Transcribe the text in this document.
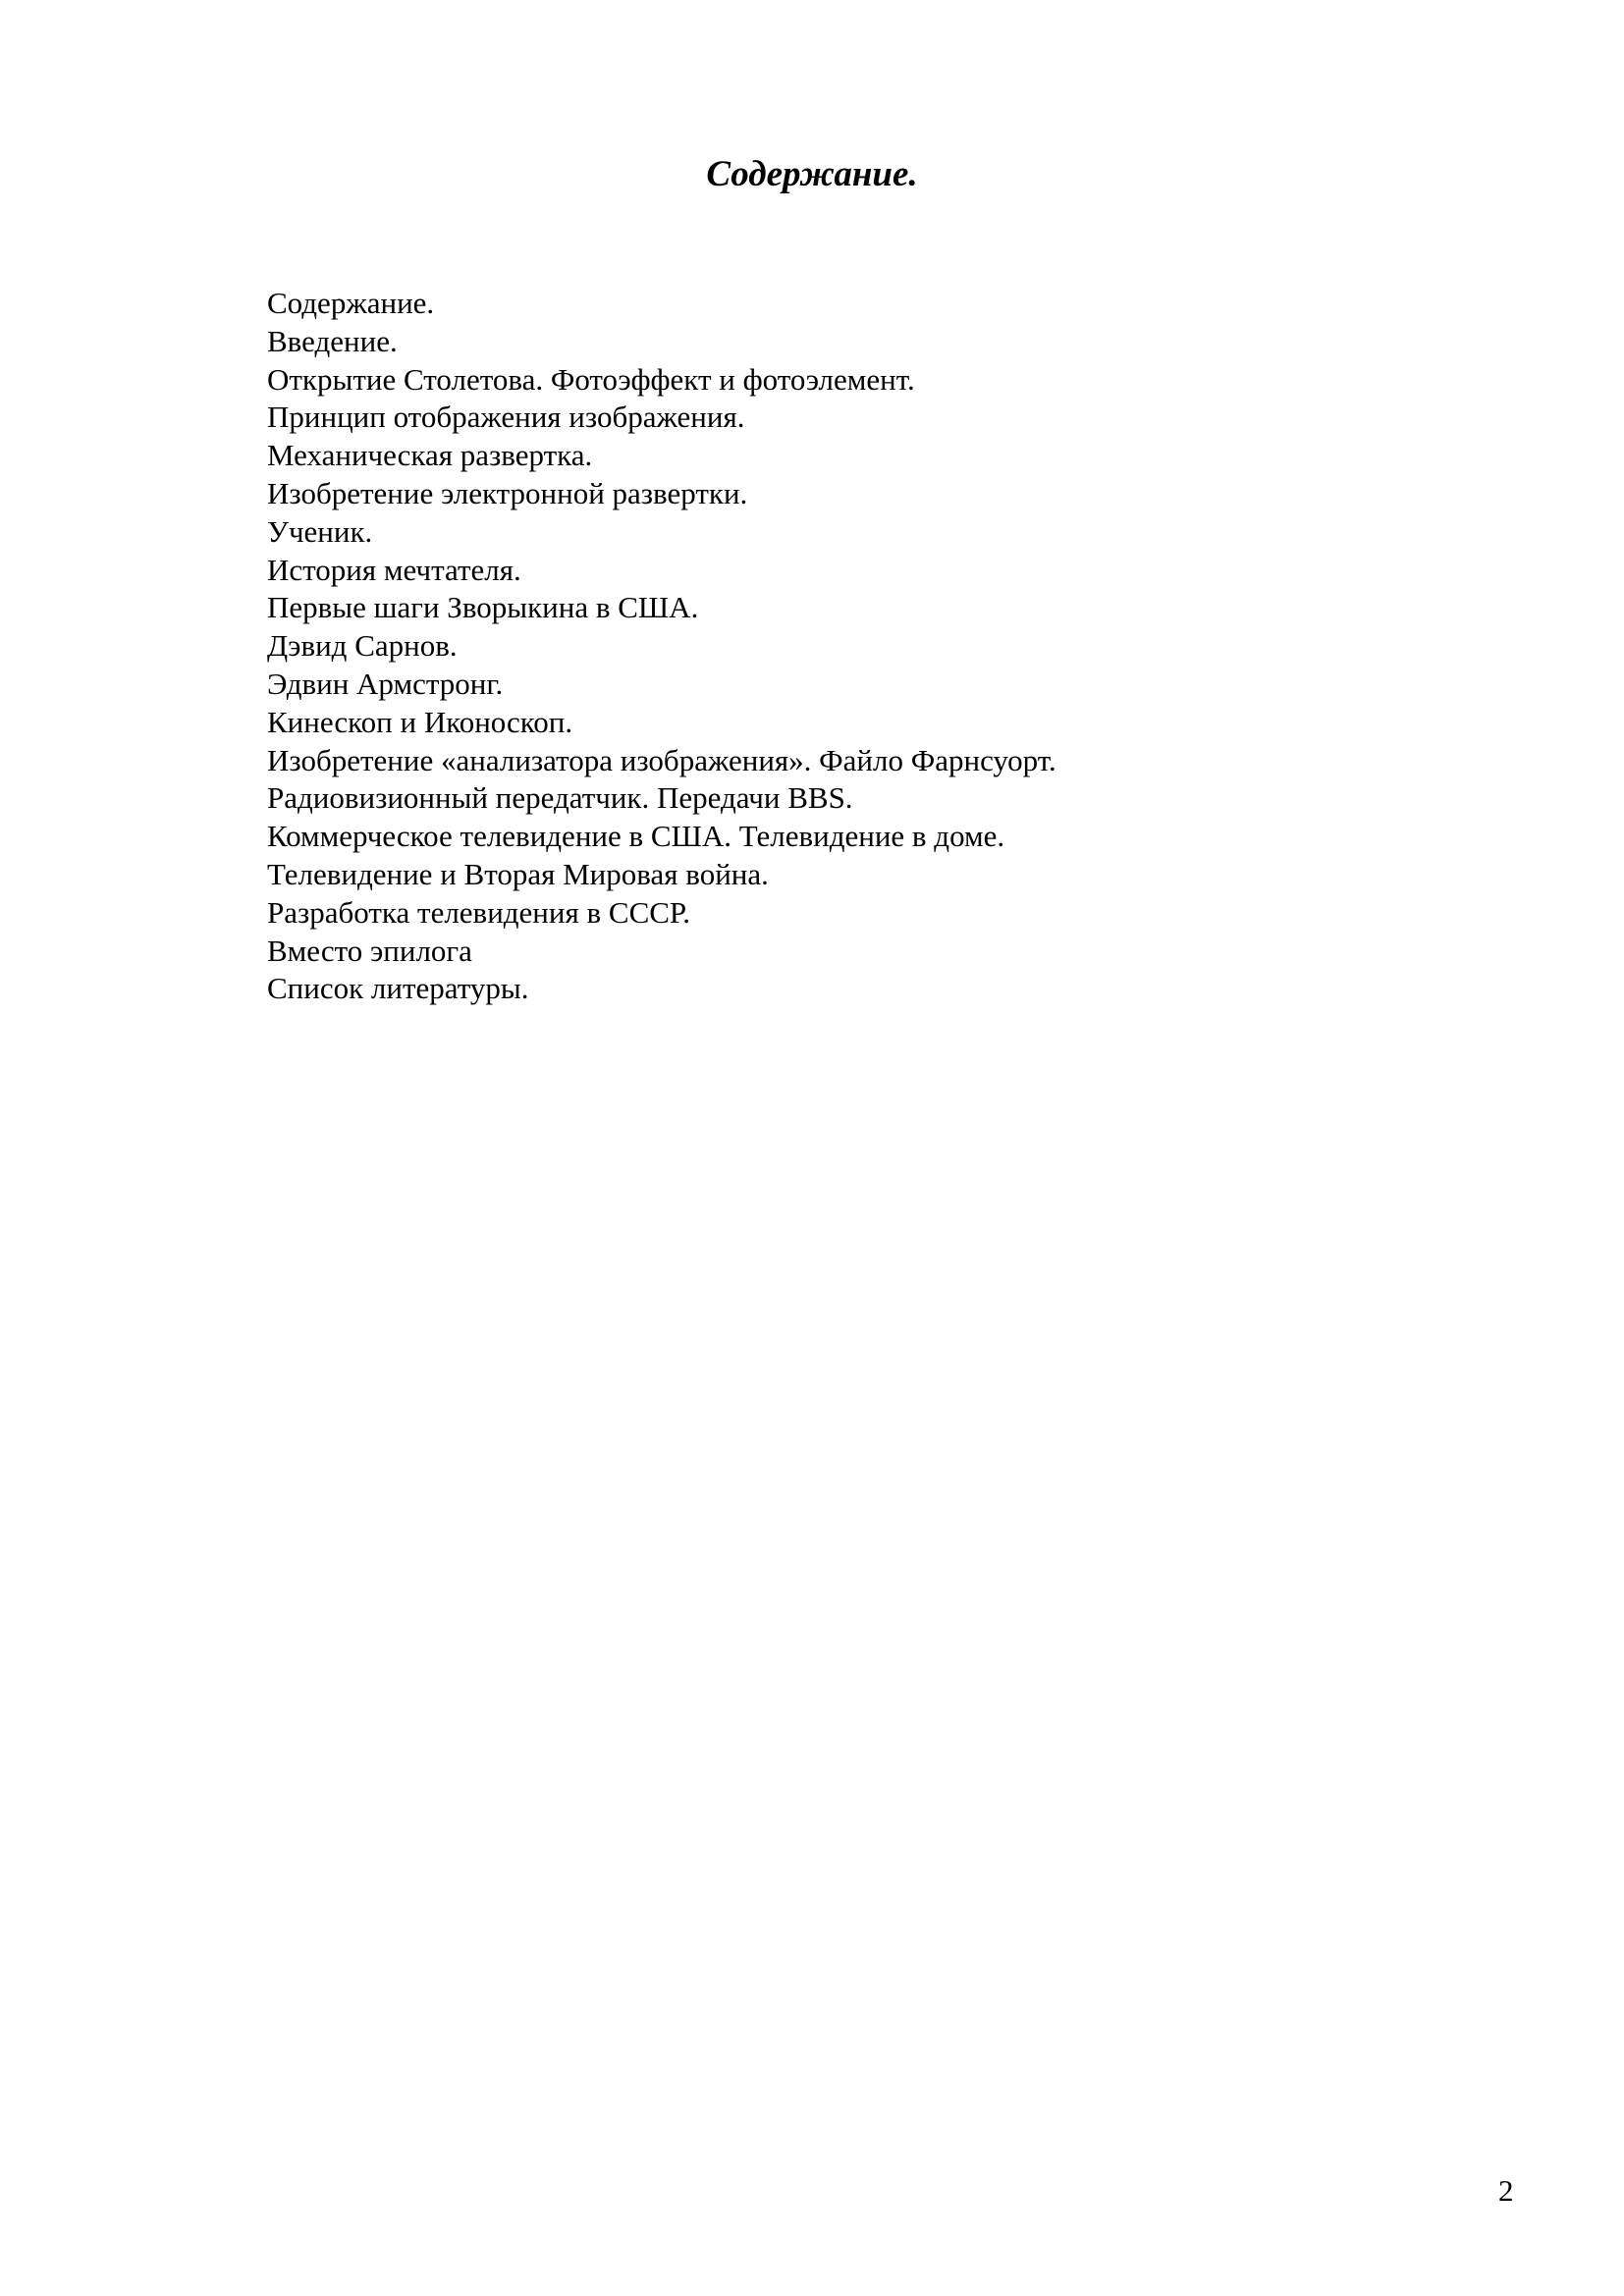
Содержание.
Содержание.
Введение.
Открытие Столетова. Фотоэффект и фотоэлемент.
Принцип отображения изображения.
Механическая развертка.
Изобретение электронной развертки.
Ученик.
История мечтателя.
Первые шаги Зворыкина в США.
Дэвид Сарнов.
Эдвин Армстронг.
Кинескоп и Иконоскоп.
Изобретение «анализатора изображения». Файло Фарнсуорт.
Радиовизионный передатчик. Передачи BBS.
Коммерческое телевидение в США. Телевидение в доме.
Телевидение и Вторая Мировая война.
Разработка телевидения в СССР.
Вместо эпилога
Список литературы.
2
